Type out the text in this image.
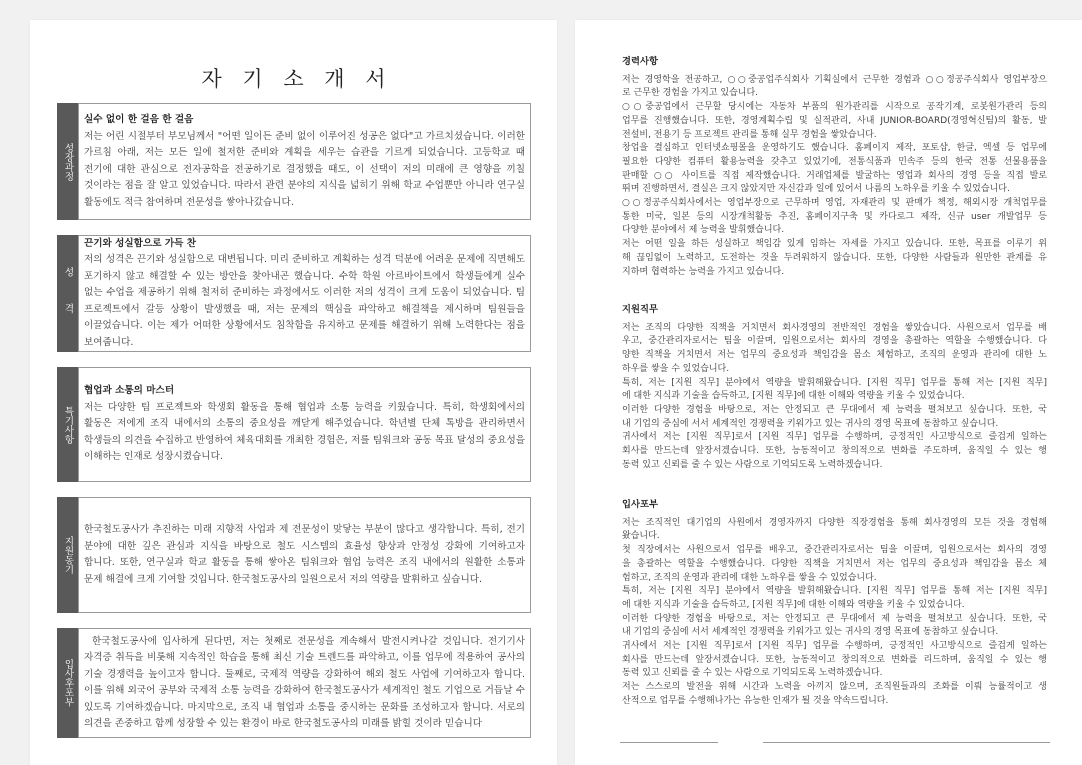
자 기 소 개 서
성장과정
실수 없이 한 걸음 한 걸음
저는 어린 시절부터 부모님께서 "어떤 일이든 준비 없이 이루어진 성공은 없다"고 가르치셨습니다. 이러한
가르침 아래, 저는 모든 일에 철저한 준비와 계획을 세우는 습관을 기르게 되었습니다. 고등학교 때
전기에 대한 관심으로 전자공학을 전공하기로 결정했을 때도, 이 선택이 저의 미래에 큰 영향을 끼칠
것이라는 점을 잘 알고 있었습니다. 따라서 관련 분야의 지식을 넓히기 위해 학교 수업뿐만 아니라 연구실
활동에도 적극 참여하며 전문성을 쌓아나갔습니다.
성 격
끈기와 성실함으로 가득 찬
저의 성격은 끈기와 성실함으로 대변됩니다. 미리 준비하고 계획하는 성격 덕분에 어려운 문제에 직면해도
포기하지 않고 해결할 수 있는 방안을 찾아내곤 했습니다. 수학 학원 아르바이트에서 학생들에게 실수
없는 수업을 제공하기 위해 철저히 준비하는 과정에서도 이러한 저의 성격이 크게 도움이 되었습니다. 팀
프로젝트에서 갈등 상황이 발생했을 때, 저는 문제의 핵심을 파악하고 해결책을 제시하며 팀원들을
이끌었습니다. 이는 제가 어떠한 상황에서도 침착함을 유지하고 문제를 해결하기 위해 노력한다는 점을
보여줍니다.
특기사항
협업과 소통의 마스터
저는 다양한 팀 프로젝트와 학생회 활동을 통해 협업과 소통 능력을 키웠습니다. 특히, 학생회에서의
활동은 저에게 조직 내에서의 소통의 중요성을 깨닫게 해주었습니다. 학년별 단체 톡방을 관리하면서
학생들의 의견을 수집하고 반영하여 체육대회를 개최한 경험은, 저를 팀워크와 공동 목표 달성의 중요성을
이해하는 인재로 성장시켰습니다.
지원동기
한국철도공사가 추진하는 미래 지향적 사업과 제 전문성이 맞닿는 부분이 많다고 생각합니다. 특히, 전기
분야에 대한 깊은 관심과 지식을 바탕으로 철도 시스템의 효율성 향상과 안정성 강화에 기여하고자
합니다. 또한, 연구실과 학교 활동을 통해 쌓아온 팀워크와 협업 능력은 조직 내에서의 원활한 소통과
문제 해결에 크게 기여할 것입니다. 한국철도공사의 일원으로서 저의 역량을 발휘하고 싶습니다.
입사후포부
한국철도공사에 입사하게 된다면, 저는 첫째로 전문성을 계속해서 발전시켜나갈 것입니다. 전기기사
자격증 취득을 비롯해 지속적인 학습을 통해 최신 기술 트렌드를 파악하고, 이를 업무에 적용하여 공사의
기술 경쟁력을 높이고자 합니다. 둘째로, 국제적 역량을 강화하여 해외 철도 사업에 기여하고자 합니다.
이를 위해 외국어 공부와 국제적 소통 능력을 강화하여 한국철도공사가 세계적인 철도 기업으로 거듭날 수
있도록 기여하겠습니다. 마지막으로, 조직 내 협업과 소통을 중시하는 문화를 조성하고자 합니다. 서로의
의견을 존중하고 함께 성장할 수 있는 환경이 바로 한국철도공사의 미래를 밝힐 것이라 믿습니다
경력사항
저는 경영학을 전공하고, ○○중공업주식회사 기획실에서 근무한 경험과 ○○정공주식회사 영업부장으
로 근무한 경험을 가지고 있습니다.
○○중공업에서 근무할 당시에는 자동차 부품의 원가관리를 시작으로 공작기계, 로봇원가관리 등의
업무를 진행했습니다. 또한, 경영계획수립 및 실적관리, 사내 JUNIOR-BOARD(경영혁신팀)의 활동, 발
전설비, 전용기 등 프로젝트 관리를 통해 실무 경험을 쌓았습니다.
창업을 결심하고 인터넷쇼핑몰을 운영하기도 했습니다. 홈페이지 제작, 포토샵, 한글, 엑셀 등 업무에
필요한 다양한 컴퓨터 활용능력을 갖추고 있었기에, 전통식품과 민속주 등의 한국 전통 선물용품을
판매할 ○○ 사이트를 직접 제작했습니다. 거래업체를 발굴하는 영업과 회사의 경영 등을 직접 발로
뛰며 진행하면서, 결실은 크지 않았지만 자신감과 일에 있어서 나름의 노하우를 키울 수 있었습니다.
○○정공주식회사에서는 영업부장으로 근무하며 영업, 자재관리 및 판매가 책정, 해외시장 개척업무를
통한 미국, 일본 등의 시장개척활동 추진, 홈페이지구축 및 카다로그 제작, 신규 user 개발업무 등
다양한 분야에서 제 능력을 발휘했습니다.
저는 어떤 일을 하든 성실하고 책임감 있게 임하는 자세를 가지고 있습니다. 또한, 목표를 이루기 위
해 끊임없이 노력하고, 도전하는 것을 두려워하지 않습니다. 또한, 다양한 사람들과 원만한 관계를 유
지하며 협력하는 능력을 가지고 있습니다.
지원직무
저는 조직의 다양한 직책을 거치면서 회사경영의 전반적인 경험을 쌓았습니다. 사원으로서 업무를 배
우고, 중간관리자로서는 팀을 이끌며, 임원으로서는 회사의 경영을 총괄하는 역할을 수행했습니다. 다
양한 직책을 거치면서 저는 업무의 중요성과 책임감을 몸소 체험하고, 조직의 운영과 관리에 대한 노
하우를 쌓을 수 있었습니다.
특히, 저는 [지원 직무] 분야에서 역량을 발휘해왔습니다. [지원 직무] 업무를 통해 저는 [지원 직무]
에 대한 지식과 기술을 습득하고, [지원 직무]에 대한 이해와 역량을 키울 수 있었습니다.
이러한 다양한 경험을 바탕으로, 저는 안정되고 큰 무대에서 제 능력을 펼쳐보고 싶습니다. 또한, 국
내 기업의 중심에 서서 세계적인 경쟁력을 키워가고 있는 귀사의 경영 목표에 동참하고 싶습니다.
귀사에서 저는 [지원 직무]로서 [지원 직무] 업무를 수행하며, 긍정적인 사고방식으로 즐겁게 일하는
회사를 만드는데 앞장서겠습니다. 또한, 능동적이고 창의적으로 변화를 주도하며, 움직일 수 있는 행
동력 있고 신뢰를 줄 수 있는 사람으로 기억되도록 노력하겠습니다.
입사포부
저는 조직적인 대기업의 사원에서 경영자까지 다양한 직장경험을 통해 회사경영의 모든 것을 경험해
왔습니다.
첫 직장에서는 사원으로서 업무를 배우고, 중간관리자로서는 팀을 이끌며, 임원으로서는 회사의 경영
을 총괄하는 역할을 수행했습니다. 다양한 직책을 거치면서 저는 업무의 중요성과 책임감을 몸소 체
험하고, 조직의 운영과 관리에 대한 노하우를 쌓을 수 있었습니다.
특히, 저는 [지원 직무] 분야에서 역량을 발휘해왔습니다. [지원 직무] 업무를 통해 저는 [지원 직무]
에 대한 지식과 기술을 습득하고, [지원 직무]에 대한 이해와 역량을 키울 수 있었습니다.
이러한 다양한 경험을 바탕으로, 저는 안정되고 큰 무대에서 제 능력을 펼쳐보고 싶습니다. 또한, 국
내 기업의 중심에 서서 세계적인 경쟁력을 키워가고 있는 귀사의 경영 목표에 동참하고 싶습니다.
귀사에서 저는 [지원 직무]로서 [지원 직무] 업무를 수행하며, 긍정적인 사고방식으로 즐겁게 일하는
회사를 만드는데 앞장서겠습니다. 또한, 능동적이고 창의적으로 변화를 리드하며, 움직일 수 있는 행
동력 있고 신뢰를 줄 수 있는 사람으로 기억되도록 노력하겠습니다.
저는 스스로의 발전을 위해 시간과 노력을 아끼지 않으며, 조직원들과의 조화를 이뤄 능률적이고 생
산적으로 업무를 수행해나가는 유능한 인재가 될 것을 약속드립니다.
